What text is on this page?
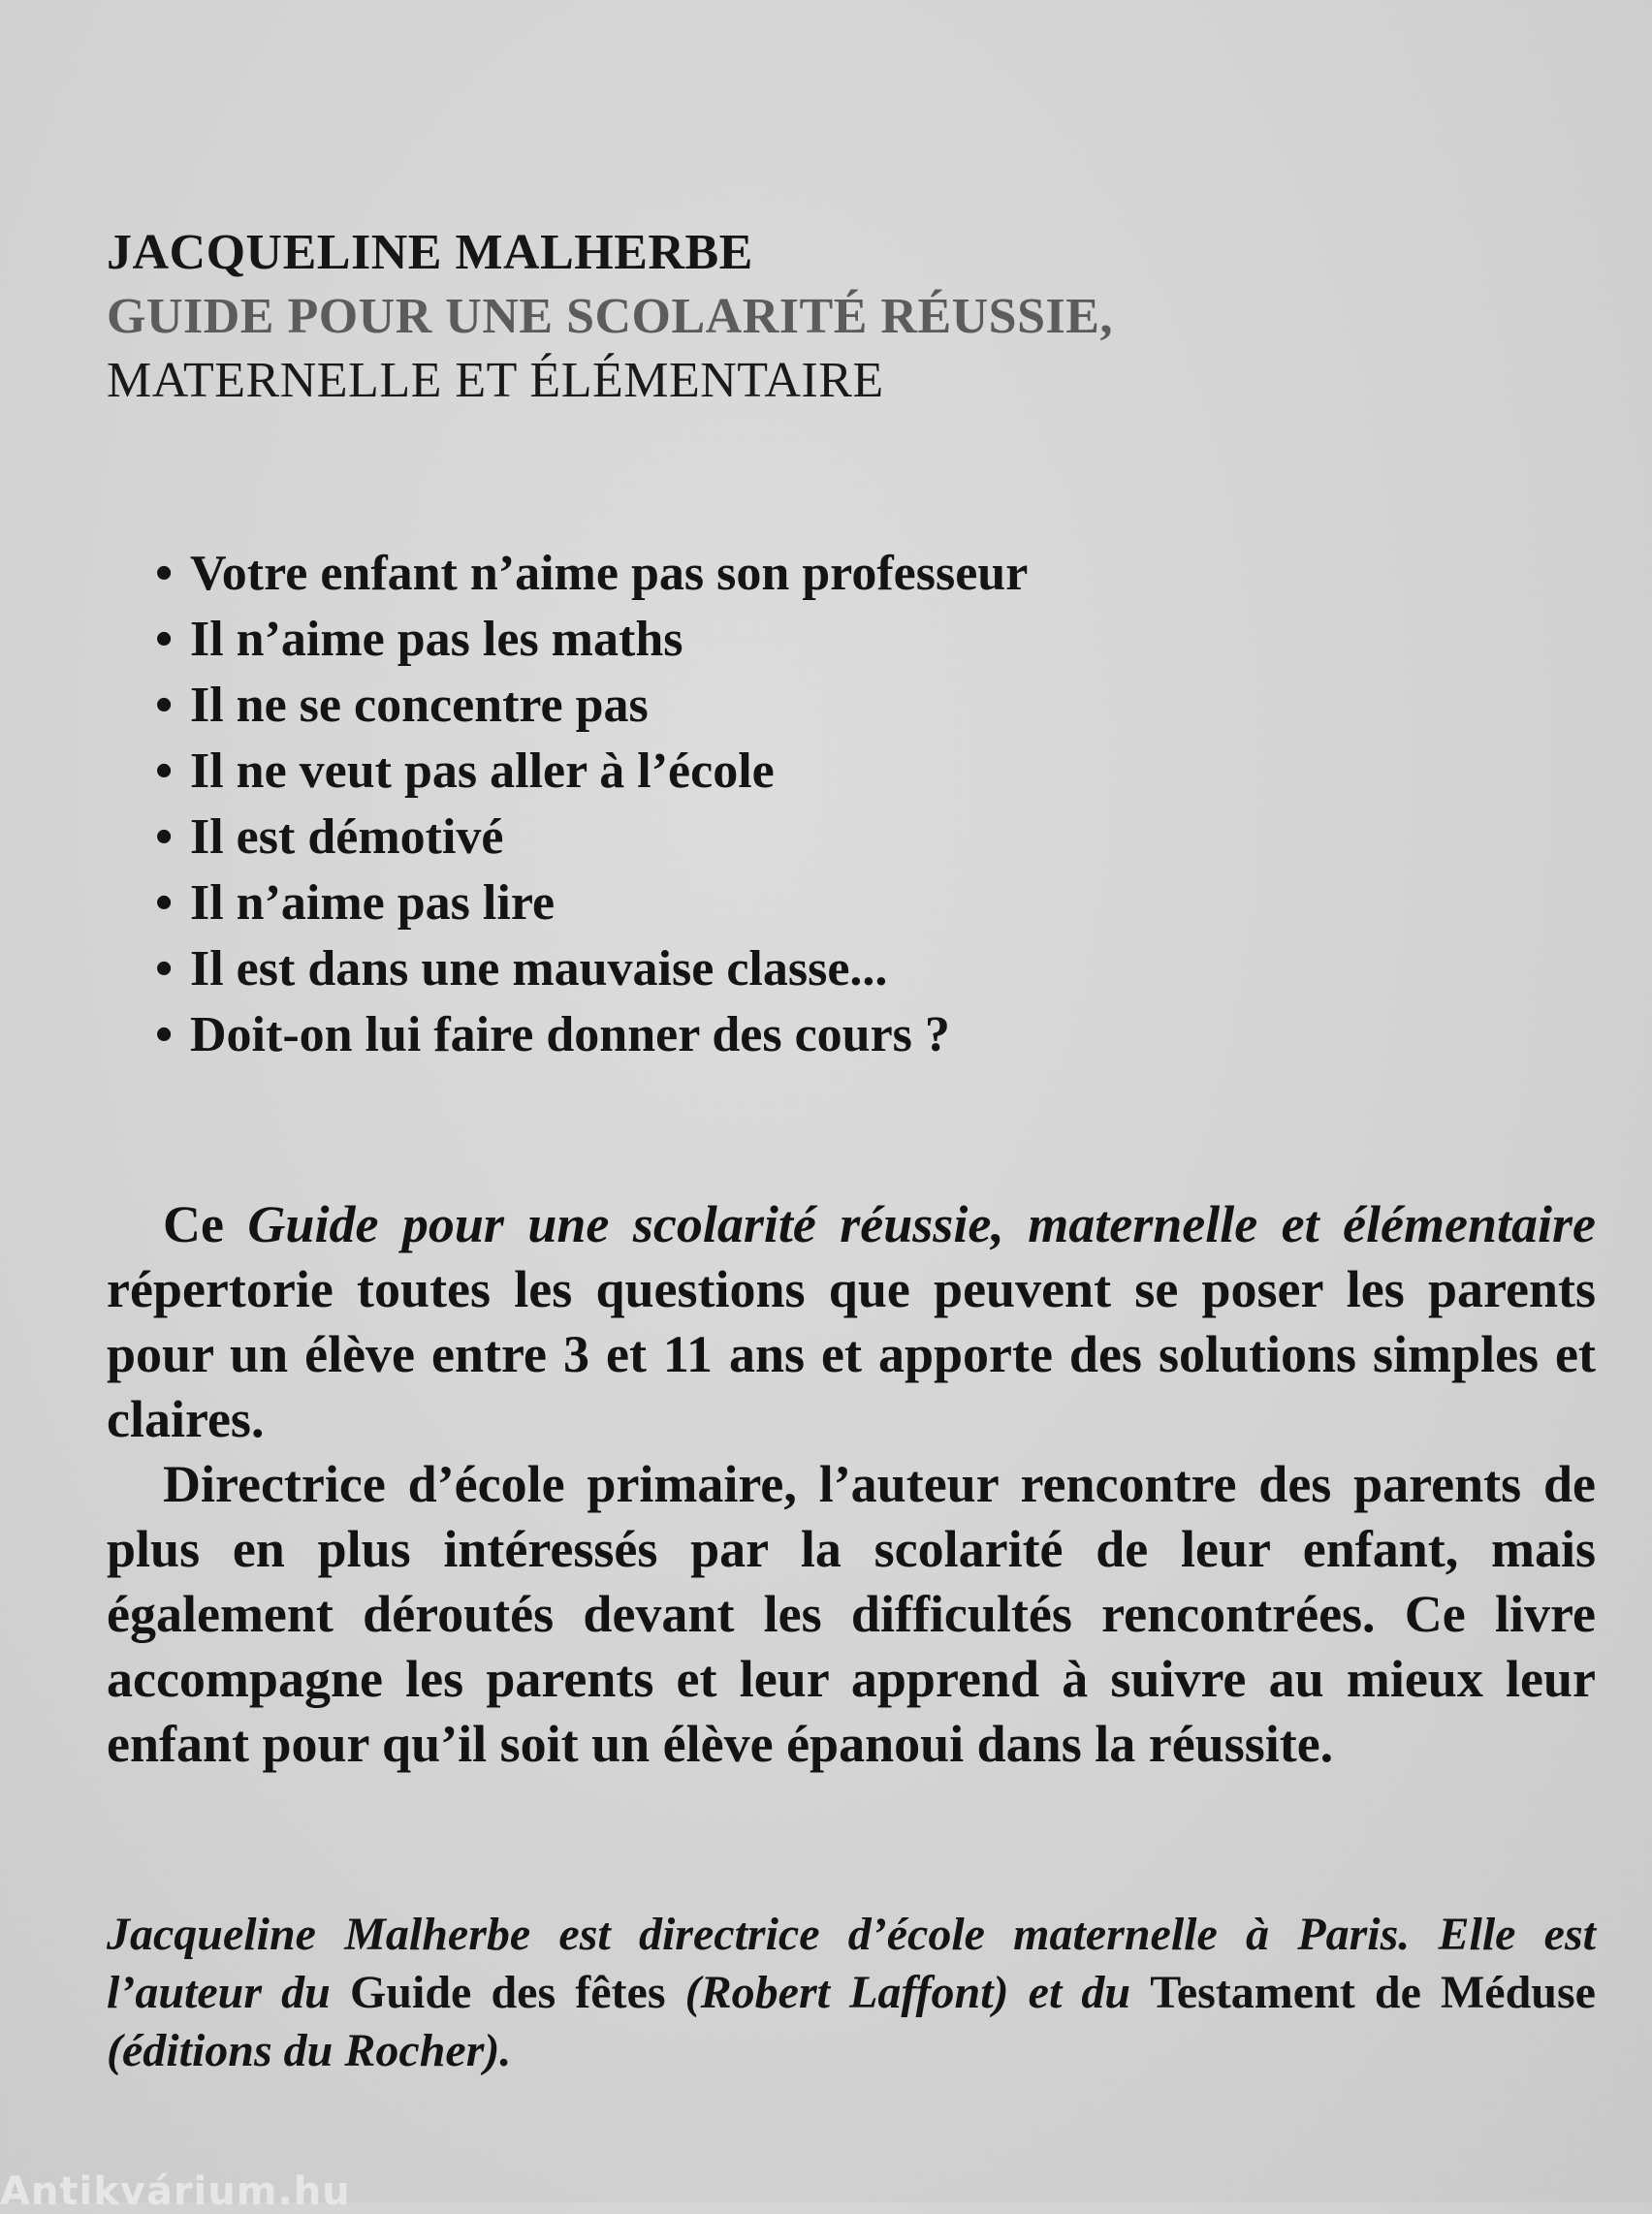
JACQUELINE MALHERBE
GUIDE POUR UNE SCOLARITÉ RÉUSSIE,
MATERNELLE ET ÉLÉMENTAIRE
• Votre enfant n’aime pas son professeur
• Il n’aime pas les maths
• Il ne se concentre pas
• Il ne veut pas aller à l’école
• Il est démotivé
• Il n’aime pas lire
• Il est dans une mauvaise classe...
• Doit-on lui faire donner des cours ?

Ce Guide pour une scolarité réussie, maternelle et élémentaire répertorie toutes les questions que peuvent se poser les parents pour un élève entre 3 et 11 ans et apporte des solutions simples et claires.

Directrice d’école primaire, l’auteur rencontre des parents de plus en plus intéressés par la scolarité de leur enfant, mais également déroutés devant les difficultés rencontrées. Ce livre accompagne les parents et leur apprend à suivre au mieux leur enfant pour qu’il soit un élève épanoui dans la réussite.

Jacqueline Malherbe est directrice d’école maternelle à Paris. Elle est l’auteur du Guide des fêtes (Robert Laffont) et du Testament de Méduse (éditions du Rocher).

Antikvárium.hu
